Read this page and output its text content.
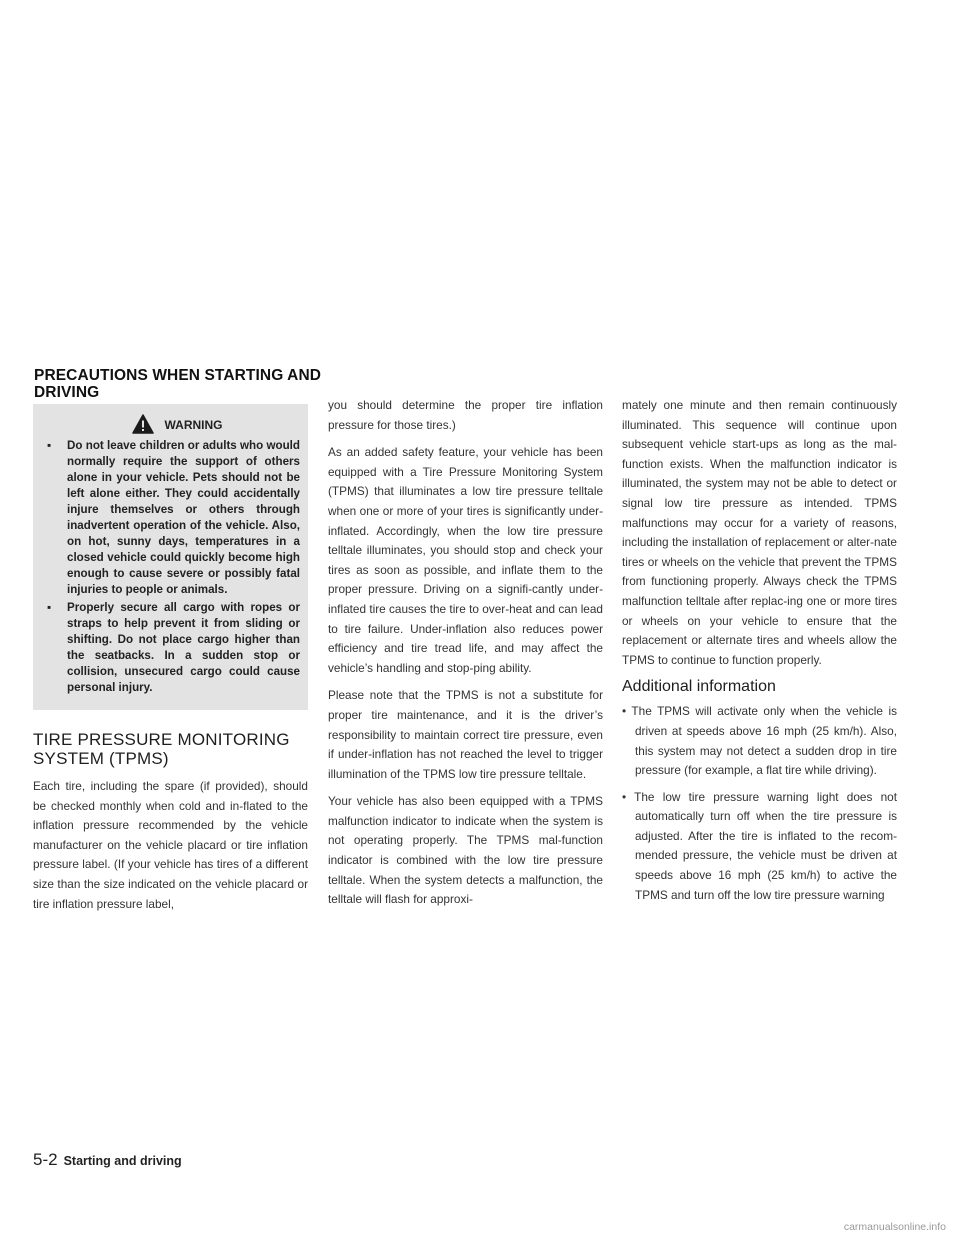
PRECAUTIONS WHEN STARTING AND DRIVING
WARNING

▪ Do not leave children or adults who would normally require the support of others alone in your vehicle. Pets should not be left alone either. They could accidentally injure themselves or others through inadvertent operation of the vehicle. Also, on hot, sunny days, temperatures in a closed vehicle could quickly become high enough to cause severe or possibly fatal injuries to people or animals.

▪ Properly secure all cargo with ropes or straps to help prevent it from sliding or shifting. Do not place cargo higher than the seatbacks. In a sudden stop or collision, unsecured cargo could cause personal injury.

TIRE PRESSURE MONITORING SYSTEM (TPMS)

Each tire, including the spare (if provided), should be checked monthly when cold and in-flated to the inflation pressure recommended by the vehicle manufacturer on the vehicle placard or tire inflation pressure label. (If your vehicle has tires of a different size than the size indicated on the vehicle placard or tire inflation pressure label,

you should determine the proper tire inflation pressure for those tires.)

As an added safety feature, your vehicle has been equipped with a Tire Pressure Monitoring System (TPMS) that illuminates a low tire pressure telltale when one or more of your tires is significantly under-inflated. Accordingly, when the low tire pressure telltale illuminates, you should stop and check your tires as soon as possible, and inflate them to the proper pressure. Driving on a signifi-cantly under-inflated tire causes the tire to over-heat and can lead to tire failure. Under-inflation also reduces power efficiency and tire tread life, and may affect the vehicle’s handling and stop-ping ability.

Please note that the TPMS is not a substitute for proper tire maintenance, and it is the driver’s responsibility to maintain correct tire pressure, even if under-inflation has not reached the level to trigger illumination of the TPMS low tire pressure telltale.

Your vehicle has also been equipped with a TPMS malfunction indicator to indicate when the system is not operating properly. The TPMS mal-function indicator is combined with the low tire pressure telltale. When the system detects a malfunction, the telltale will flash for approxi-

mately one minute and then remain continuously illuminated. This sequence will continue upon subsequent vehicle start-ups as long as the mal-function exists. When the malfunction indicator is illuminated, the system may not be able to detect or signal low tire pressure as intended. TPMS malfunctions may occur for a variety of reasons, including the installation of replacement or alter-nate tires or wheels on the vehicle that prevent the TPMS from functioning properly. Always check the TPMS malfunction telltale after replac-ing one or more tires or wheels on your vehicle to ensure that the replacement or alternate tires and wheels allow the TPMS to continue to function properly.

Additional information
• The TPMS will activate only when the vehicle is driven at speeds above 16 mph (25 km/h). Also, this system may not detect a sudden drop in tire pressure (for example, a flat tire while driving).
• The low tire pressure warning light does not automatically turn off when the tire pressure is adjusted. After the tire is inflated to the recom-mended pressure, the vehicle must be driven at speeds above 16 mph (25 km/h) to active the TPMS and turn off the low tire pressure warning
5-2 Starting and driving
carmanualsonline.info
